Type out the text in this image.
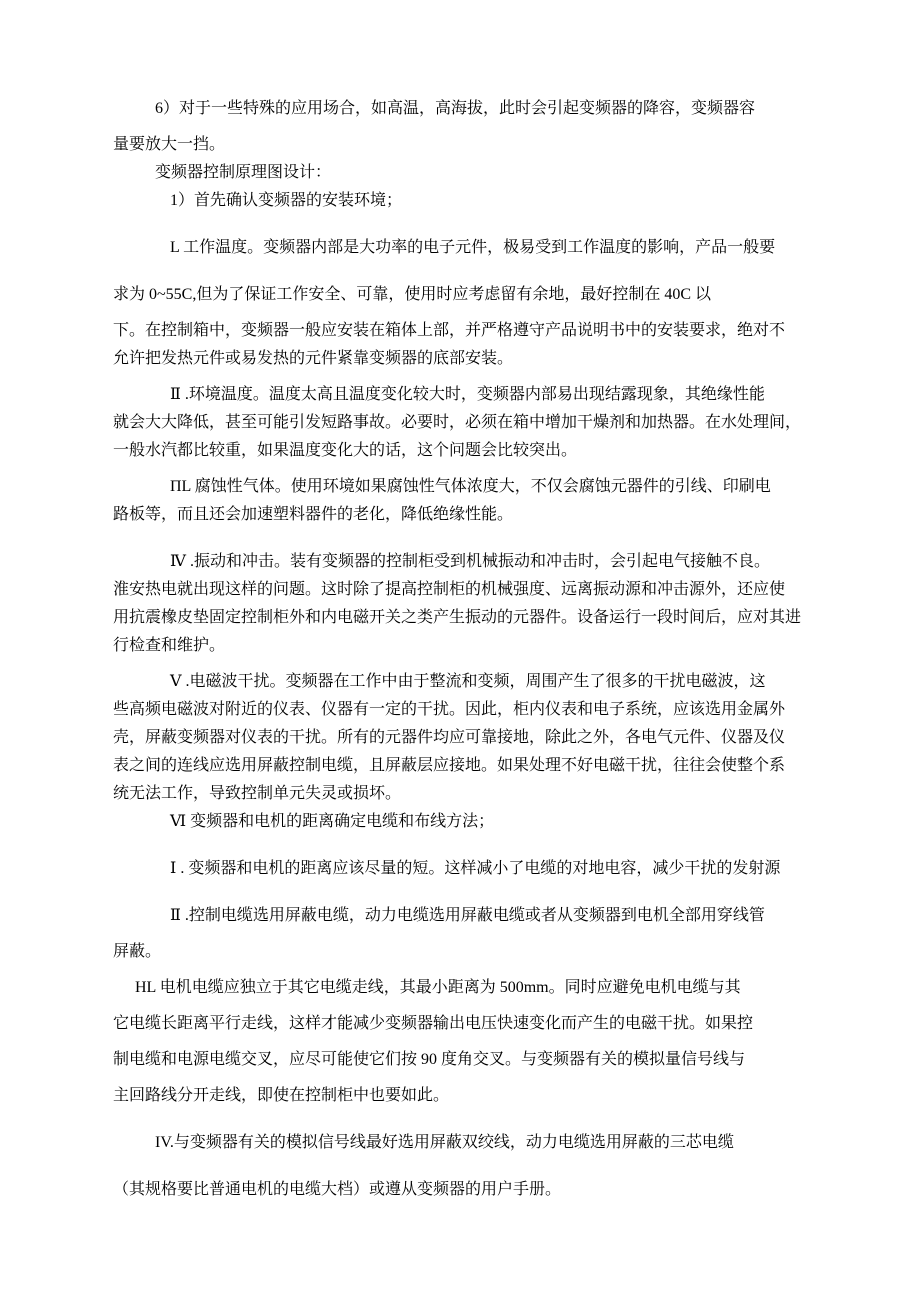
6）对于一些特殊的应用场合，如高温，高海拔，此时会引起变频器的降容，变频器容
量要放大一挡。
变频器控制原理图设计：
1）首先确认变频器的安装环境；
L 工作温度。变频器内部是大功率的电子元件，极易受到工作温度的影响，产品一般要
求为 0~55C,但为了保证工作安全、可靠，使用时应考虑留有余地，最好控制在 40C 以
下。在控制箱中，变频器一般应安装在箱体上部，并严格遵守产品说明书中的安装要求，绝对不
允许把发热元件或易发热的元件紧靠变频器的底部安装。
Ⅱ .环境温度。温度太高且温度变化较大时，变频器内部易出现结露现象，其绝缘性能
就会大大降低，甚至可能引发短路事故。必要时，必须在箱中增加干燥剂和加热器。在水处理间，
一般水汽都比较重，如果温度变化大的话，这个问题会比较突出。
ΠL 腐蚀性气体。使用环境如果腐蚀性气体浓度大，不仅会腐蚀元器件的引线、印刷电
路板等，而且还会加速塑料器件的老化，降低绝缘性能。
Ⅳ .振动和冲击。装有变频器的控制柜受到机械振动和冲击时，会引起电气接触不良。
淮安热电就出现这样的问题。这时除了提高控制柜的机械强度、远离振动源和冲击源外，还应使
用抗震橡皮垫固定控制柜外和内电磁开关之类产生振动的元器件。设备运行一段时间后，应对其进
行检查和维护。
Ⅴ .电磁波干扰。变频器在工作中由于整流和变频，周围产生了很多的干扰电磁波，这
些高频电磁波对附近的仪表、仪器有一定的干扰。因此，柜内仪表和电子系统，应该选用金属外
壳，屏蔽变频器对仪表的干扰。所有的元器件均应可靠接地，除此之外，各电气元件、仪器及仪
表之间的连线应选用屏蔽控制电缆，且屏蔽层应接地。如果处理不好电磁干扰，往往会使整个系
统无法工作，导致控制单元失灵或损坏。
Ⅵ 变频器和电机的距离确定电缆和布线方法；
Ⅰ . 变频器和电机的距离应该尽量的短。这样减小了电缆的对地电容，减少干扰的发射源
Ⅱ .控制电缆选用屏蔽电缆，动力电缆选用屏蔽电缆或者从变频器到电机全部用穿线管
屏蔽。
HL 电机电缆应独立于其它电缆走线，其最小距离为 500mm。同时应避免电机电缆与其
它电缆长距离平行走线，这样才能减少变频器输出电压快速变化而产生的电磁干扰。如果控
制电缆和电源电缆交叉，应尽可能使它们按 90 度角交叉。与变频器有关的模拟量信号线与
主回路线分开走线，即使在控制柜中也要如此。
IV.与变频器有关的模拟信号线最好选用屏蔽双绞线，动力电缆选用屏蔽的三芯电缆
（其规格要比普通电机的电缆大档）或遵从变频器的用户手册。
